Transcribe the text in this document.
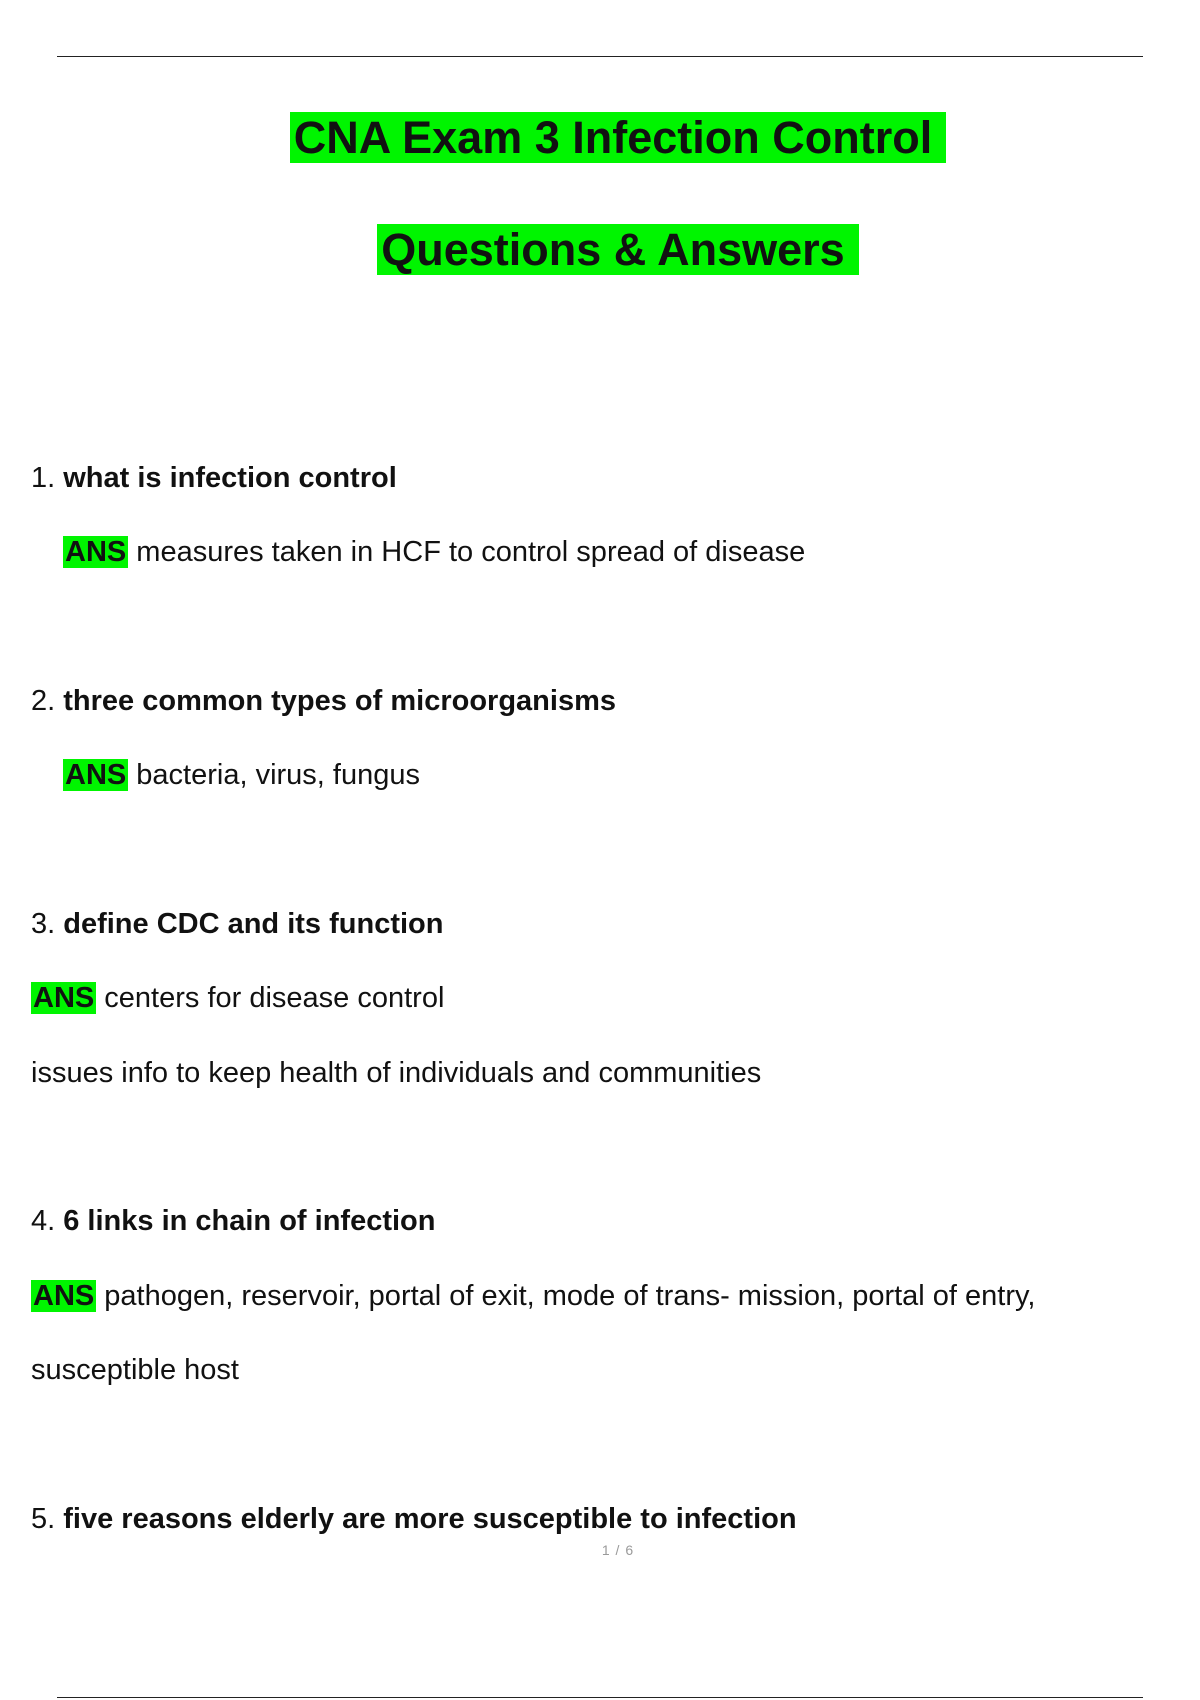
CNA Exam 3 Infection Control
Questions & Answers
1. what is infection control
ANS measures taken in HCF to control spread of disease
2. three common types of microorganisms
ANS bacteria, virus, fungus
3. define CDC and its function
ANS centers for disease control
issues info to keep health of individuals and communities
4. 6 links in chain of infection
ANS pathogen, reservoir, portal of exit, mode of trans- mission, portal of entry,
susceptible host
5. five reasons elderly are more susceptible to infection
1 / 6
